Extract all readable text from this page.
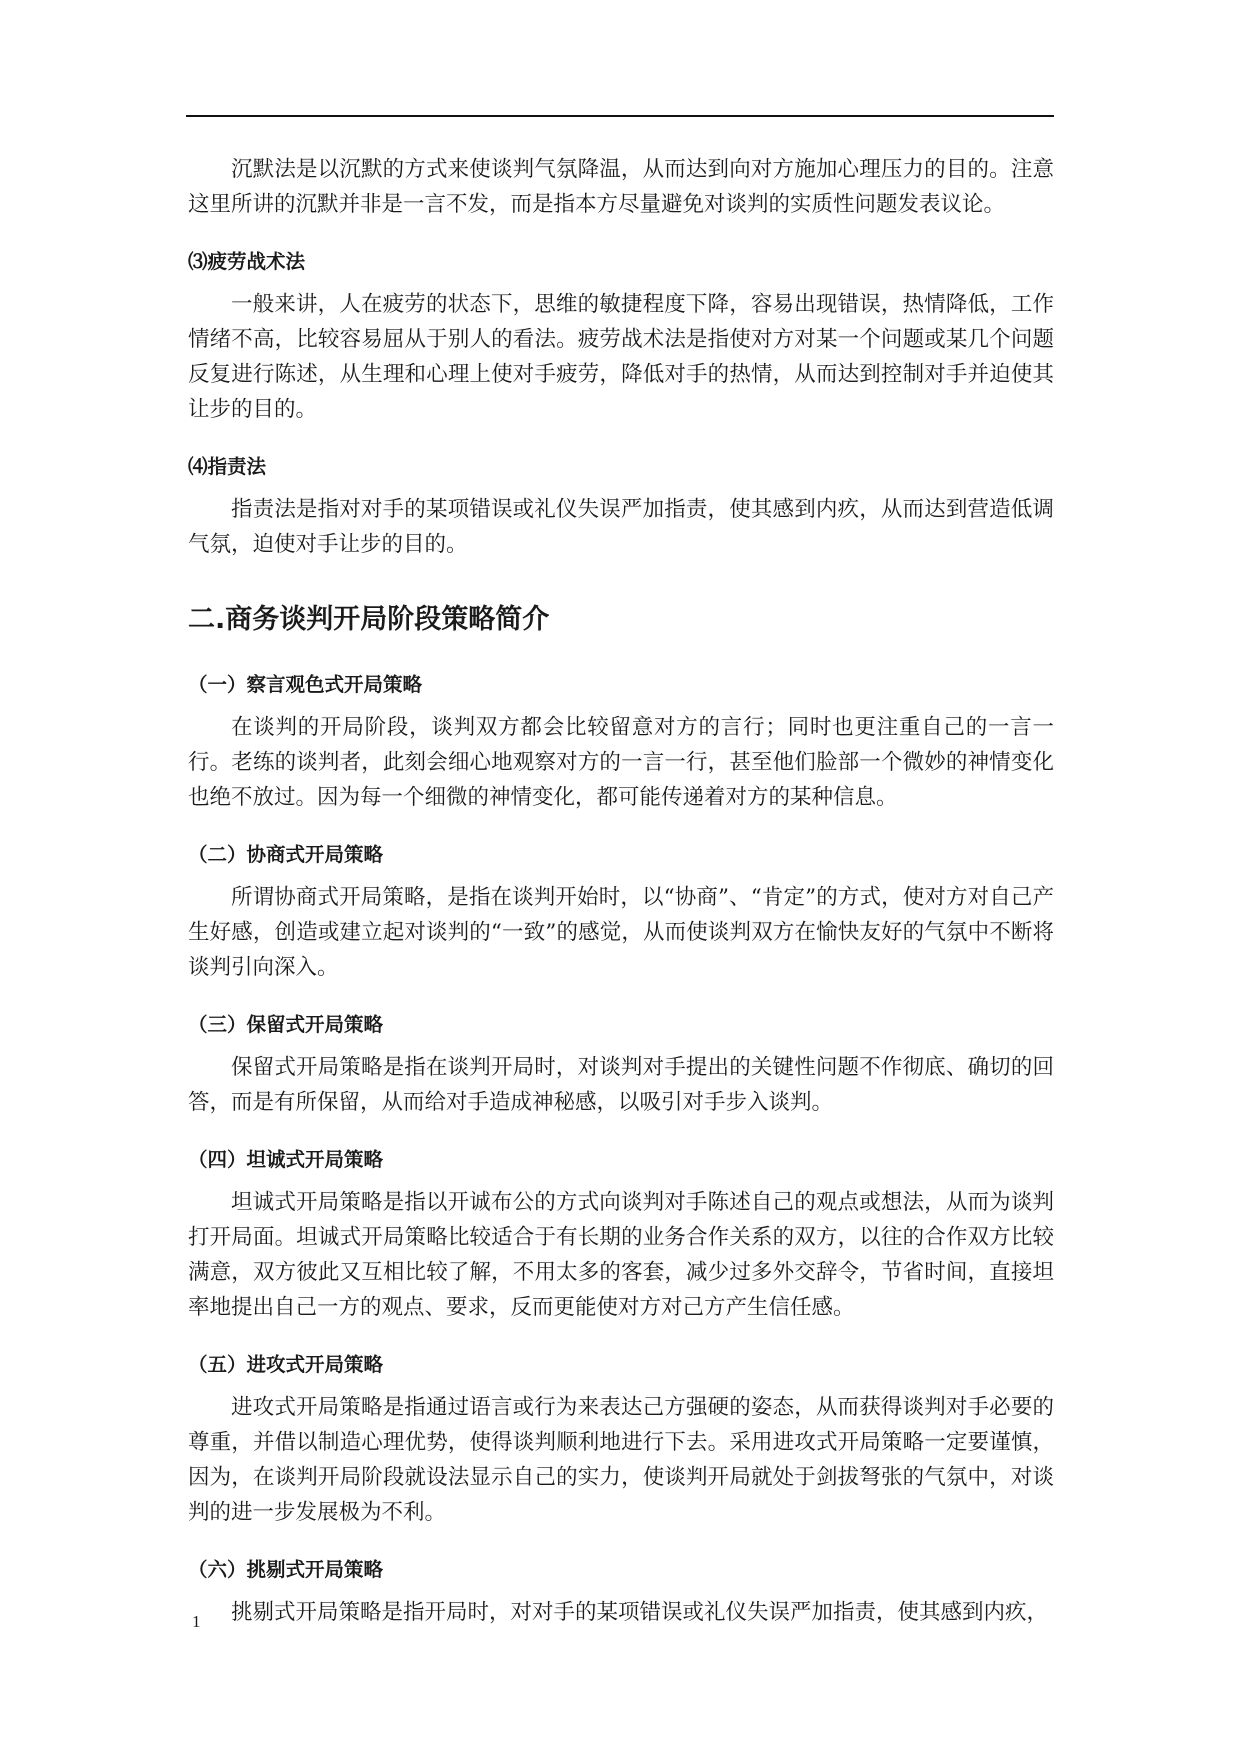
沉默法是以沉默的方式来使谈判气氛降温，从而达到向对方施加心理压力的目的。注意这里所讲的沉默并非是一言不发，而是指本方尽量避免对谈判的实质性问题发表议论。

⑶疲劳战术法

一般来讲，人在疲劳的状态下，思维的敏捷程度下降，容易出现错误，热情降低，工作情绪不高，比较容易屈从于别人的看法。疲劳战术法是指使对方对某一个问题或某几个问题反复进行陈述，从生理和心理上使对手疲劳，降低对手的热情，从而达到控制对手并迫使其让步的目的。

⑷指责法

指责法是指对对手的某项错误或礼仪失误严加指责，使其感到内疚，从而达到营造低调气氛，迫使对手让步的目的。

二.商务谈判开局阶段策略简介
（一）察言观色式开局策略

在谈判的开局阶段，谈判双方都会比较留意对方的言行；同时也更注重自己的一言一行。老练的谈判者，此刻会细心地观察对方的一言一行，甚至他们脸部一个微妙的神情变化也绝不放过。因为每一个细微的神情变化，都可能传递着对方的某种信息。

（二）协商式开局策略

所谓协商式开局策略，是指在谈判开始时，以“协商”、“肯定”的方式，使对方对自己产生好感，创造或建立起对谈判的“一致”的感觉，从而使谈判双方在愉快友好的气氛中不断将谈判引向深入。

（三）保留式开局策略

保留式开局策略是指在谈判开局时，对谈判对手提出的关键性问题不作彻底、确切的回答，而是有所保留，从而给对手造成神秘感，以吸引对手步入谈判。

（四）坦诚式开局策略

坦诚式开局策略是指以开诚布公的方式向谈判对手陈述自己的观点或想法，从而为谈判打开局面。坦诚式开局策略比较适合于有长期的业务合作关系的双方，以往的合作双方比较满意，双方彼此又互相比较了解，不用太多的客套，减少过多外交辞令，节省时间，直接坦率地提出自己一方的观点、要求，反而更能使对方对己方产生信任感。

（五）进攻式开局策略

进攻式开局策略是指通过语言或行为来表达己方强硬的姿态，从而获得谈判对手必要的尊重，并借以制造心理优势，使得谈判顺利地进行下去。采用进攻式开局策略一定要谨慎，因为，在谈判开局阶段就设法显示自己的实力，使谈判开局就处于剑拔弩张的气氛中，对谈判的进一步发展极为不利。

（六）挑剔式开局策略

挑剔式开局策略是指开局时，对对手的某项错误或礼仪失误严加指责，使其感到内疚，

1
